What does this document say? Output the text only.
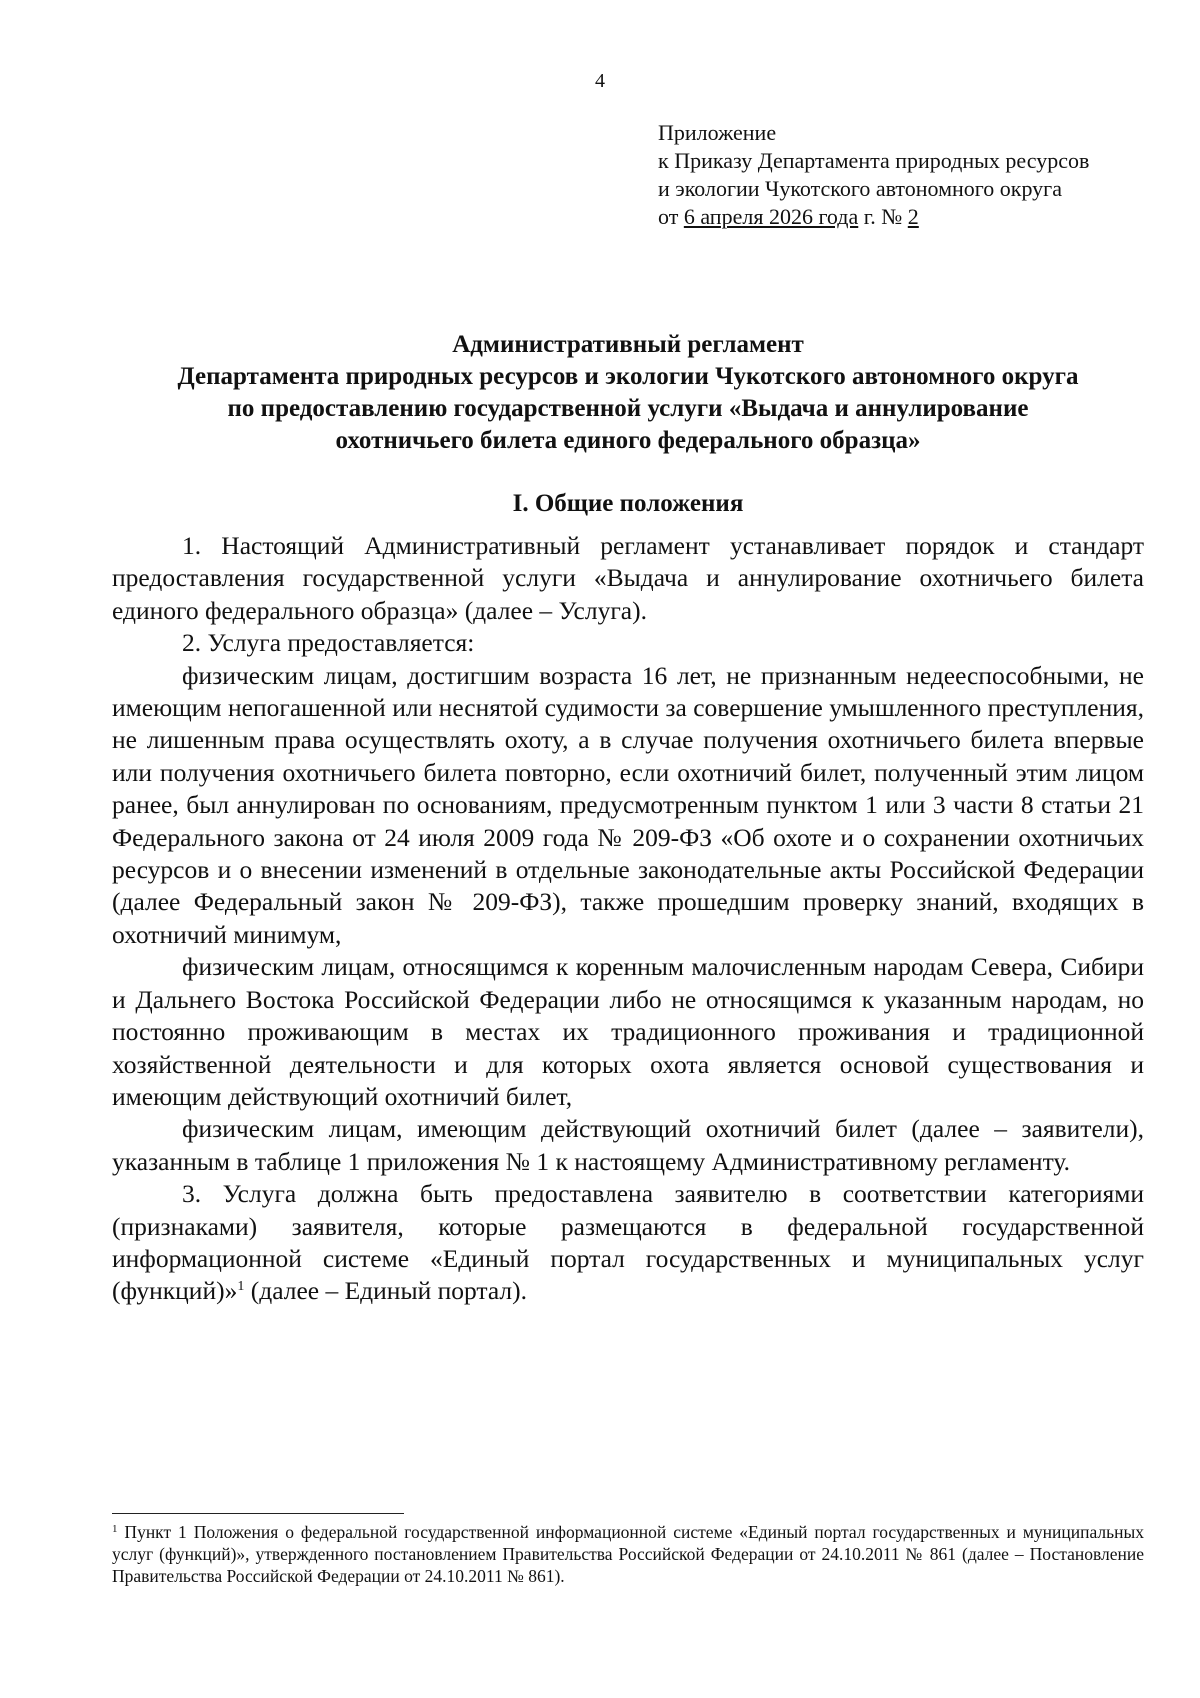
4
Приложение
к Приказу Департамента природных ресурсов
и экологии Чукотского автономного округа
от 6 апреля 2026 года г. № 2
Административный регламент
Департамента природных ресурсов и экологии Чукотского автономного округа
по предоставлению государственной услуги «Выдача и аннулирование
охотничьего билета единого федерального образца»
I. Общие положения

1. Настоящий Административный регламент устанавливает порядок и стандарт предоставления государственной услуги «Выдача и аннулирование охотничьего билета единого федерального образца» (далее – Услуга).

2. Услуга предоставляется:

физическим лицам, достигшим возраста 16 лет, не признанным недееспособными, не имеющим непогашенной или неснятой судимости за совершение умышленного преступления, не лишенным права осуществлять охоту, а в случае получения охотничьего билета впервые или получения охотничьего билета повторно, если охотничий билет, полученный этим лицом ранее, был аннулирован по основаниям, предусмотренным пунктом 1 или 3 части 8 статьи 21 Федерального закона от 24 июля 2009 года № 209-ФЗ «Об охоте и о сохранении охотничьих ресурсов и о внесении изменений в отдельные законодательные акты Российской Федерации (далее Федеральный закон № 209-ФЗ), также прошедшим проверку знаний, входящих в охотничий минимум,

физическим лицам, относящимся к коренным малочисленным народам Севера, Сибири и Дальнего Востока Российской Федерации либо не относящимся к указанным народам, но постоянно проживающим в местах их традиционного проживания и традиционной хозяйственной деятельности и для которых охота является основой существования и имеющим действующий охотничий билет,

физическим лицам, имеющим действующий охотничий билет (далее – заявители), указанным в таблице 1 приложения № 1 к настоящему Административному регламенту.

3. Услуга должна быть предоставлена заявителю в соответствии категориями (признаками) заявителя, которые размещаются в федеральной государственной информационной системе «Единый портал государственных и муниципальных услуг (функций)»$^1$ (далее – Единый портал).

$^1$ Пункт 1 Положения о федеральной государственной информационной системе «Единый портал государственных и муниципальных услуг (функций)», утвержденного постановлением Правительства Российской Федерации от 24.10.2011 № 861 (далее – Постановление Правительства Российской Федерации от 24.10.2011 № 861).
